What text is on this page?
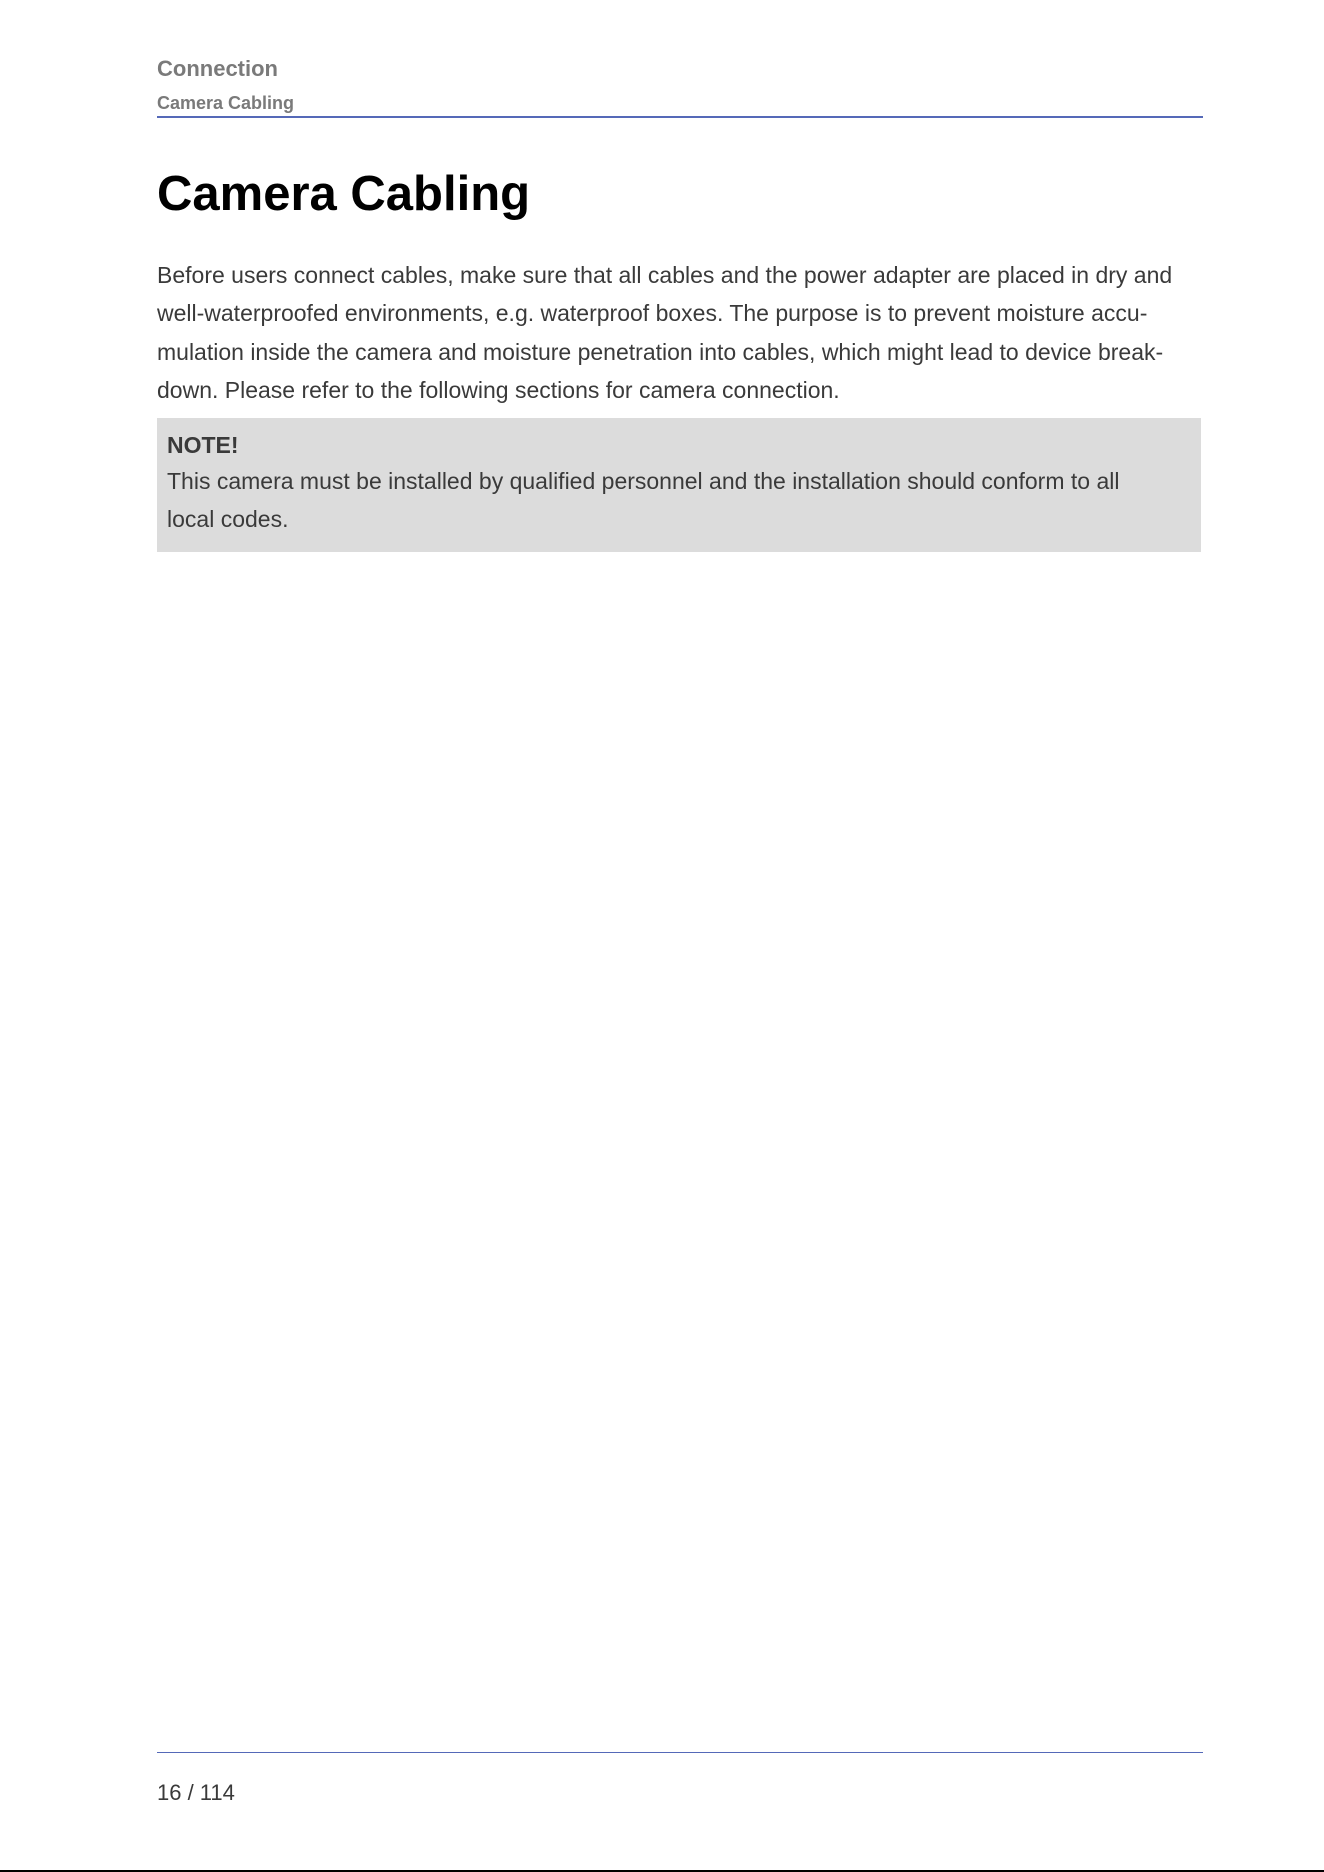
Connection
Camera Cabling
Camera Cabling
Before users connect cables, make sure that all cables and the power adapter are placed in dry and
well-waterproofed environments, e.g. waterproof boxes. The purpose is to prevent moisture accu-
mulation inside the camera and moisture penetration into cables, which might lead to device break-
down. Please refer to the following sections for camera connection.
NOTE!
This camera must be installed by qualified personnel and the installation should conform to all
local codes.
16 / 114
